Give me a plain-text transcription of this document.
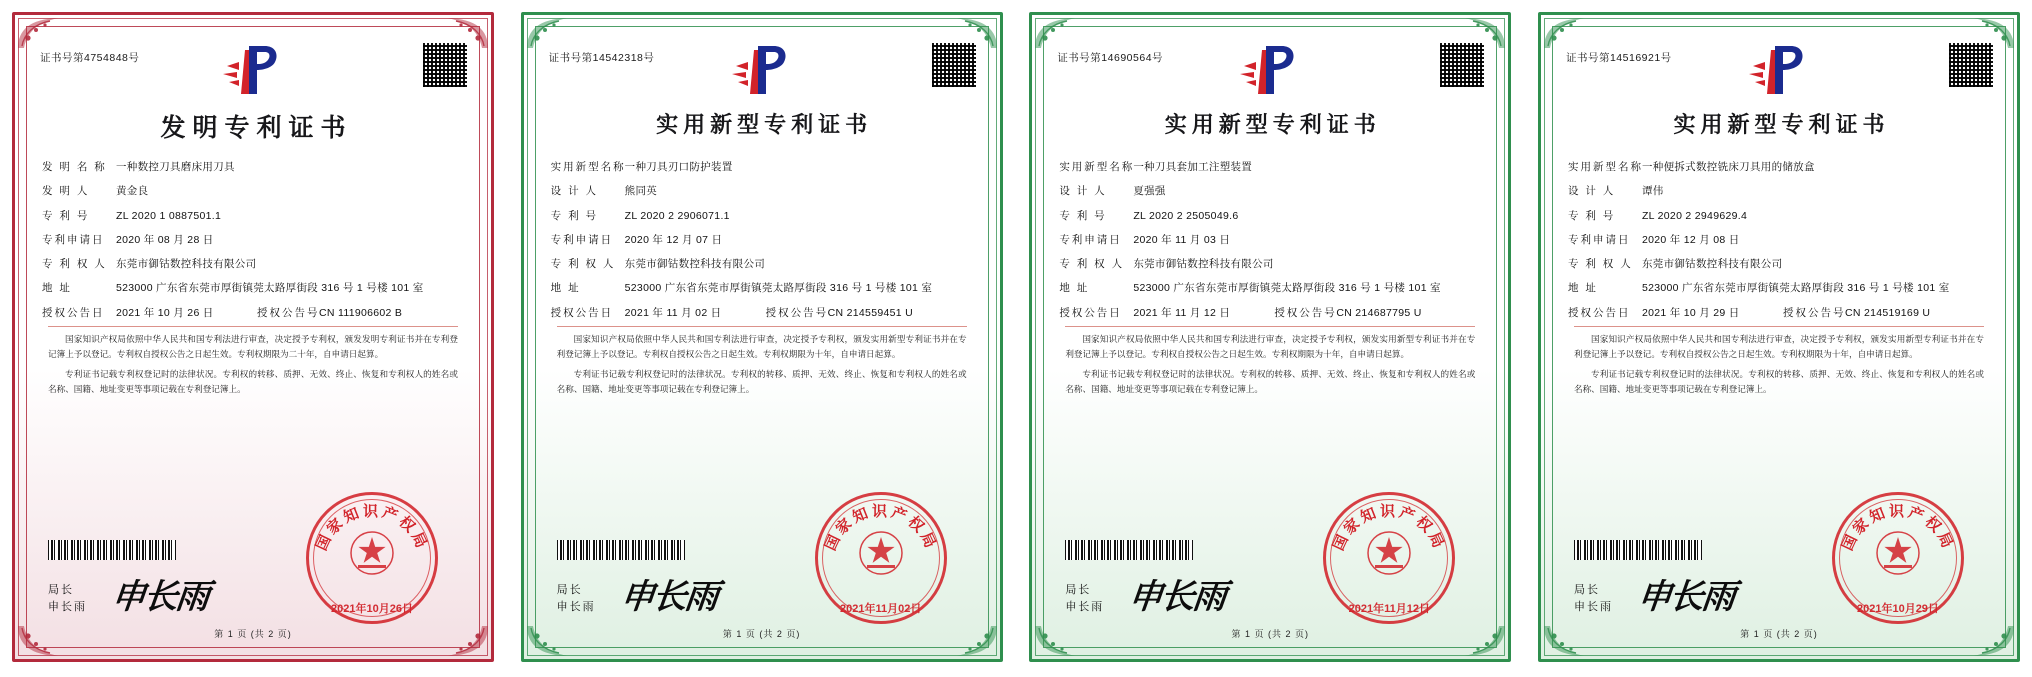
证书号第4754848号
发明专利证书
发 明 名 称 一种数控刀具磨床用刀具
发 明 人	黄金良
专 利 号	ZL 2020 1 0887501.1
专利申请日	2020 年 08 月 28 日
专 利 权 人 东莞市御钴数控科技有限公司
地 址	523000 广东省东莞市厚街镇莞太路厚街段 316 号 1 号楼 101 室
授权公告日	2021 年 10 月 26 日	授权公告号 CN 111906602 B

国家知识产权局依照中华人民共和国专利法进行审查，决定授予专利权，颁发发明专利证书并在专利登记簿上予以登记。专利权自授权公告之日起生效。专利权期限为二十年，自申请日起算。

专利证书记载专利权登记时的法律状况。专利权的转移、质押、无效、终止、恢复和专利权人的姓名或名称、国籍、地址变更等事项记载在专利登记簿上。

局长
申长雨 申长雨
国家知识产权局
2021年10月26日
第 1 页 (共 2 页)
证书号第14542318号
实用新型专利证书
实用新型名称 一种刀具刃口防护装置
设 计 人	熊同英
专 利 号	ZL 2020 2 2906071.1
专利申请日	2020 年 12 月 07 日
专 利 权 人 东莞市御钴数控科技有限公司
地 址	523000 广东省东莞市厚街镇莞太路厚街段 316 号 1 号楼 101 室
授权公告日	2021 年 11 月 02 日	授权公告号 CN 214559451 U

国家知识产权局依照中华人民共和国专利法进行审查，决定授予专利权，颁发实用新型专利证书并在专利登记簿上予以登记。专利权自授权公告之日起生效。专利权期限为十年，自申请日起算。

专利证书记载专利权登记时的法律状况。专利权的转移、质押、无效、终止、恢复和专利权人的姓名或名称、国籍、地址变更等事项记载在专利登记簿上。

局长
申长雨 申长雨
国家知识产权局
2021年11月02日
第 1 页 (共 2 页)
证书号第14690564号
实用新型专利证书
实用新型名称 一种刀具套加工注塑装置
设 计 人	夏强强
专 利 号	ZL 2020 2 2505049.6
专利申请日	2020 年 11 月 03 日
专 利 权 人 东莞市御钴数控科技有限公司
地 址	523000 广东省东莞市厚街镇莞太路厚街段 316 号 1 号楼 101 室
授权公告日	2021 年 11 月 12 日	授权公告号 CN 214687795 U

国家知识产权局依照中华人民共和国专利法进行审查，决定授予专利权，颁发实用新型专利证书并在专利登记簿上予以登记。专利权自授权公告之日起生效。专利权期限为十年，自申请日起算。

专利证书记载专利权登记时的法律状况。专利权的转移、质押、无效、终止、恢复和专利权人的姓名或名称、国籍、地址变更等事项记载在专利登记簿上。

局长
申长雨 申长雨
国家知识产权局
2021年11月12日
第 1 页 (共 2 页)
证书号第14516921号
实用新型专利证书
实用新型名称 一种便拆式数控铣床刀具用的储放盒
设 计 人	谭伟
专 利 号	ZL 2020 2 2949629.4
专利申请日	2020 年 12 月 08 日
专 利 权 人 东莞市御钴数控科技有限公司
地 址	523000 广东省东莞市厚街镇莞太路厚街段 316 号 1 号楼 101 室
授权公告日	2021 年 10 月 29 日	授权公告号 CN 214519169 U

国家知识产权局依照中华人民共和国专利法进行审查，决定授予专利权，颁发实用新型专利证书并在专利登记簿上予以登记。专利权自授权公告之日起生效。专利权期限为十年，自申请日起算。

专利证书记载专利权登记时的法律状况。专利权的转移、质押、无效、终止、恢复和专利权人的姓名或名称、国籍、地址变更等事项记载在专利登记簿上。

局长
申长雨 申长雨
国家知识产权局
2021年10月29日
第 1 页 (共 2 页)
